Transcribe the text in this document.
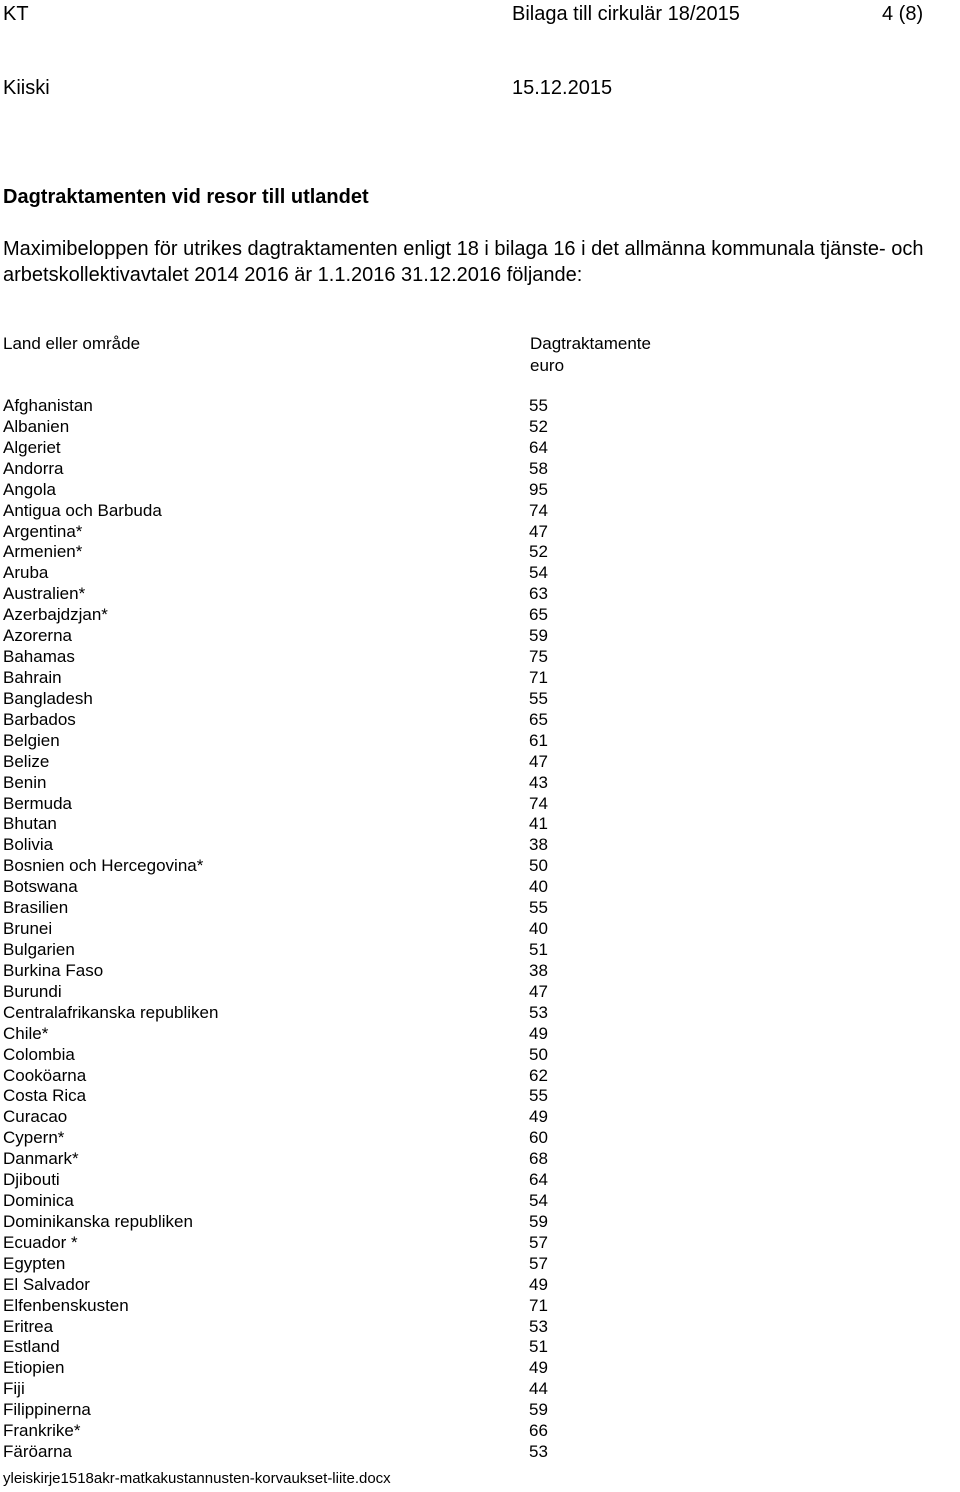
KT	Bilaga till cirkulär 18/2015	4 (8)
Kiiski	15.12.2015
Dagtraktamenten vid resor till utlandet
Maximibeloppen för utrikes dagtraktamenten enligt 18 i bilaga 16 i det allmänna kommunala tjänste- och arbetskollektivavtalet 2014 2016 är 1.1.2016 31.12.2016 följande:
Land eller område	Dagtraktamente
euro
Afghanistan	55
Albanien	52
Algeriet	64
Andorra	58
Angola	95
Antigua och Barbuda	74
Argentina*	47
Armenien*	52
Aruba	54
Australien*	63
Azerbajdzjan*	65
Azorerna	59
Bahamas	75
Bahrain	71
Bangladesh	55
Barbados	65
Belgien	61
Belize	47
Benin	43
Bermuda	74
Bhutan	41
Bolivia	38
Bosnien och Hercegovina*	50
Botswana	40
Brasilien	55
Brunei	40
Bulgarien	51
Burkina Faso	38
Burundi	47
Centralafrikanska republiken	53
Chile*	49
Colombia	50
Cooköarna	62
Costa Rica	55
Curacao	49
Cypern*	60
Danmark*	68
Djibouti	64
Dominica	54
Dominikanska republiken	59
Ecuador *	57
Egypten	57
El Salvador	49
Elfenbenskusten	71
Eritrea	53
Estland	51
Etiopien	49
Fiji	44
Filippinerna	59
Frankrike*	66
Färöarna	53
yleiskirje1518akr-matkakustannusten-korvaukset-liite.docx
